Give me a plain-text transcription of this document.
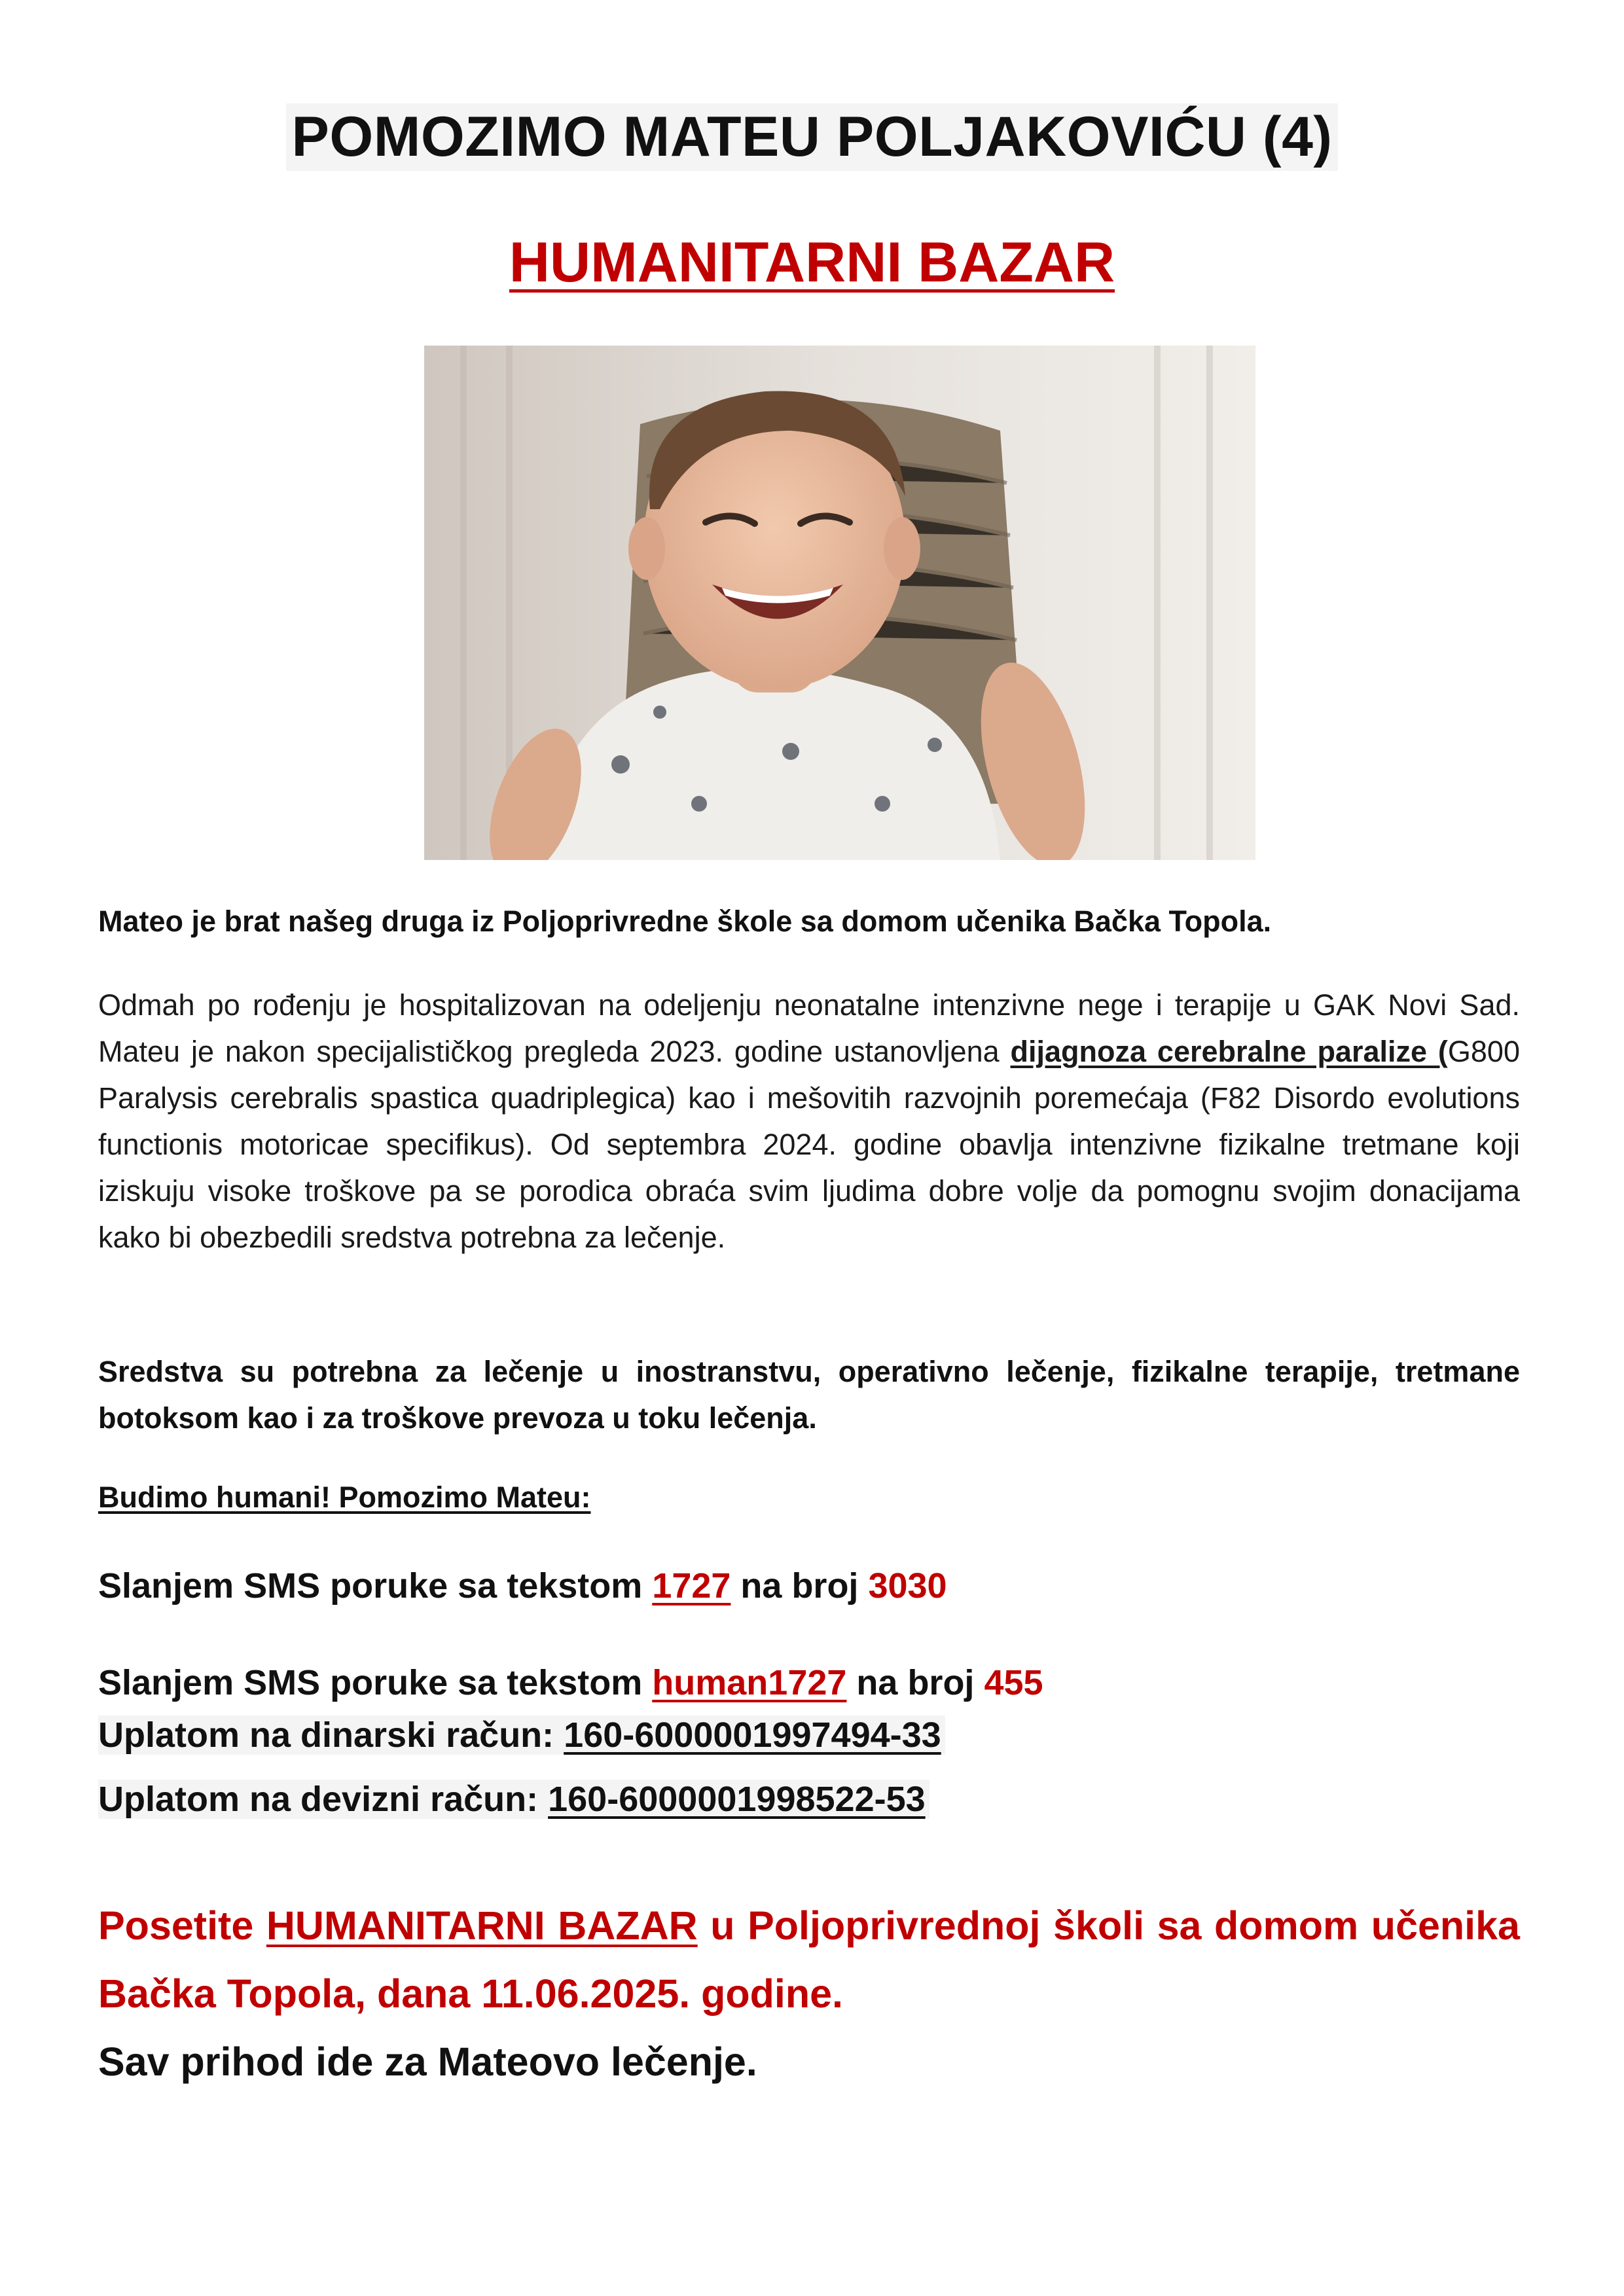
POMOZIMO MATEU POLJAKOVIĆU (4)
HUMANITARNI BAZAR
Mateo je brat našeg druga iz Poljoprivredne škole sa domom učenika Bačka Topola.
Odmah po rođenju je hospitalizovan na odeljenju neonatalne intenzivne nege i terapije u GAK Novi Sad. Mateu je nakon specijalističkog pregleda 2023. godine ustanovljena dijagnoza cerebralne paralize (G800 Paralysis cerebralis spastica quadriplegica) kao i mešovitih razvojnih poremećaja (F82 Disordo evolutions functionis motoricae specifikus). Od septembra 2024. godine obavlja intenzivne fizikalne tretmane koji iziskuju visoke troškove pa se porodica obraća svim ljudima dobre volje da pomognu svojim donacijama kako bi obezbedili sredstva potrebna za lečenje.
Sredstva su potrebna za lečenje u inostranstvu, operativno lečenje, fizikalne terapije, tretmane botoksom kao i za troškove prevoza u toku lečenja.
Budimo humani! Pomozimo Mateu:
Slanjem SMS poruke sa tekstom 1727 na broj 3030
Slanjem SMS poruke sa tekstom human1727 na broj 455
Uplatom na dinarski račun: 160-6000001997494-33
Uplatom na devizni račun: 160-6000001998522-53
Posetite HUMANITARNI BAZAR u Poljoprivrednoj školi sa domom učenika Bačka Topola, dana 11.06.2025. godine.
Sav prihod ide za Mateovo lečenje.
